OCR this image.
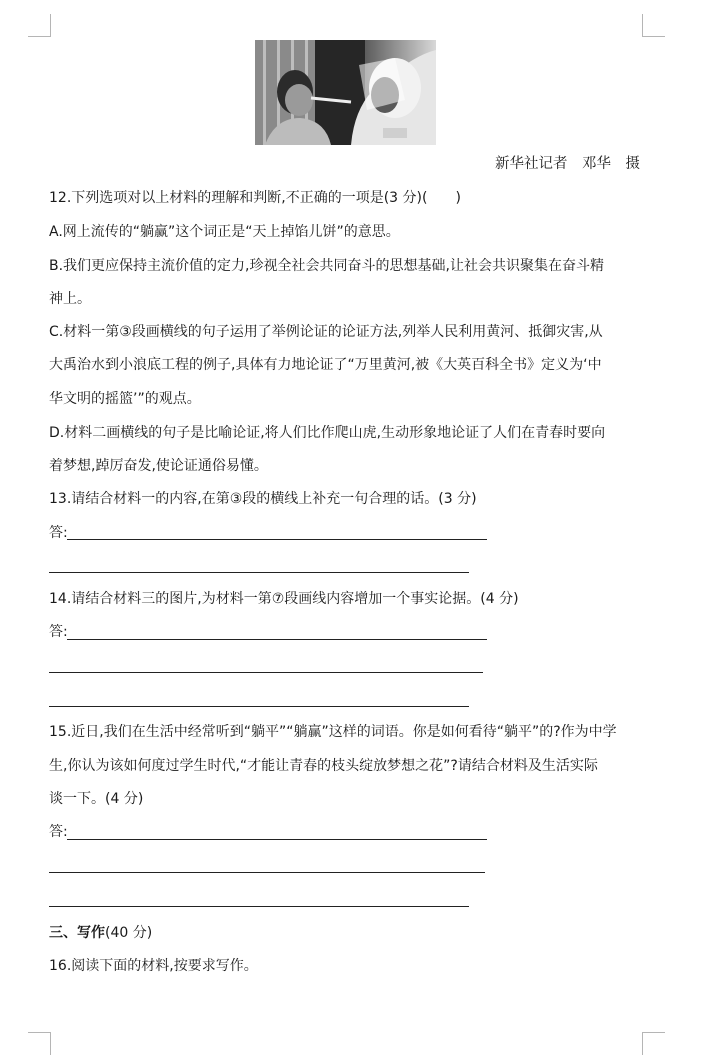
新华社记者　邓华　摄
12.下列选项对以上材料的理解和判断,不正确的一项是(3 分)(　　)
A.网上流传的“躺赢”这个词正是“天上掉馅儿饼”的意思。
B.我们更应保持主流价值的定力,珍视全社会共同奋斗的思想基础,让社会共识聚集在奋斗精
神上。
C.材料一第③段画横线的句子运用了举例论证的论证方法,列举人民利用黄河、抵御灾害,从
大禹治水到小浪底工程的例子,具体有力地论证了“万里黄河,被《大英百科全书》定义为‘中
华文明的摇篮’”的观点。
D.材料二画横线的句子是比喻论证,将人们比作爬山虎,生动形象地论证了人们在青春时要向
着梦想,踔厉奋发,使论证通俗易懂。
13.请结合材料一的内容,在第③段的横线上补充一句合理的话。(3 分)
答:
14.请结合材料三的图片,为材料一第⑦段画线内容增加一个事实论据。(4 分)
答:
15.近日,我们在生活中经常听到“躺平”“躺赢”这样的词语。你是如何看待“躺平”的?作为中学
生,你认为该如何度过学生时代,“才能让青春的枝头绽放梦想之花”?请结合材料及生活实际
谈一下。(4 分)
答:
三、写作(40 分)
16.阅读下面的材料,按要求写作。
